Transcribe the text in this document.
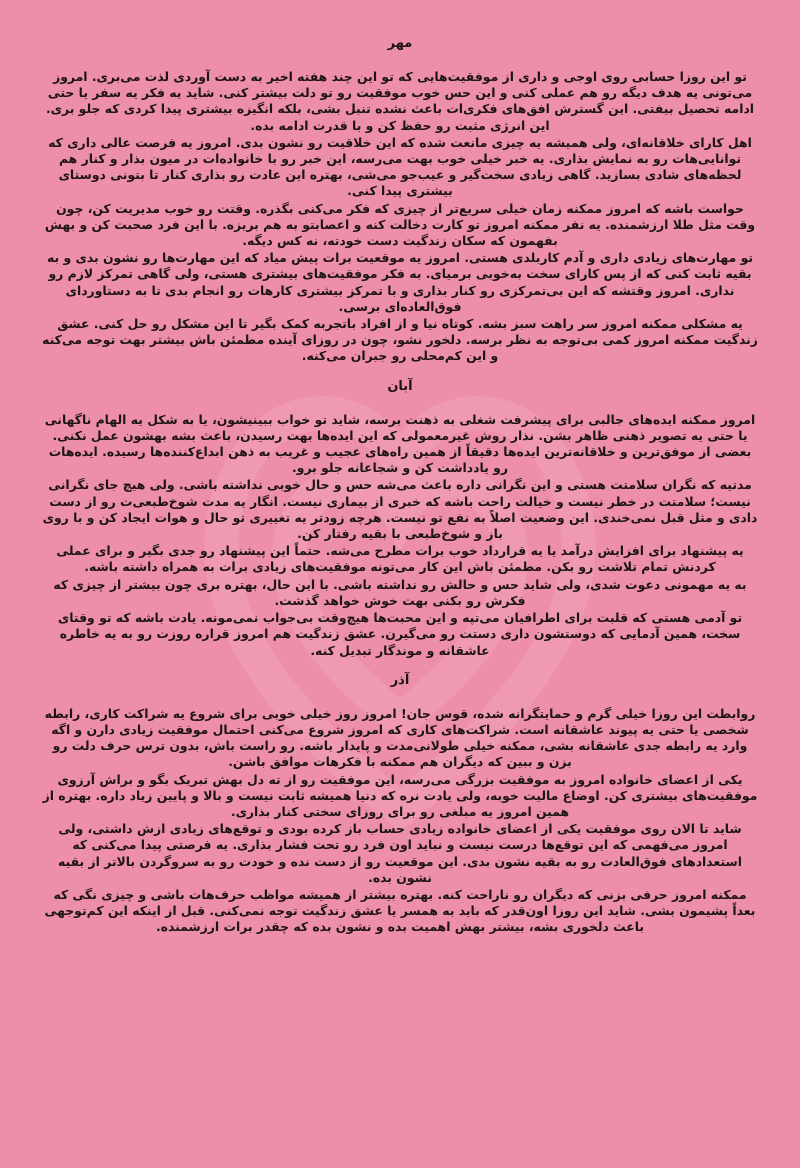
مهر

تو این روزا حسابی روی اوجی و داری از موفقیت‌هایی که تو این چند هفته اخیر به دست آوردی لذت می‌بری. امروز می‌تونی یه هدف دیگه رو هم عملی کنی و این حس خوب موفقیت رو تو دلت بیشتر کنی. شاید یه فکر یه سفر یا حتی ادامه تحصیل بیفتی. این گسترش افق‌های فکری‌ات باعث نشده تنبل بشی، بلکه انگیزه بیشتری پیدا کردی که جلو بری. این انرژی مثبت رو حفظ کن و با قدرت ادامه بده.

اهل کارای خلاقانه‌ای، ولی همیشه یه چیزی مانعت شده که این خلاقیت رو نشون بدی. امروز یه فرصت عالی داری که توانایی‌هات رو به نمایش بذاری. یه خبر خیلی خوب بهت می‌رسه، این خبر رو با خانواده‌ات در میون بذار و کنار هم لحظه‌های شادی بسازید. گاهی زیادی سخت‌گیر و عیب‌جو می‌شی، بهتره این عادت رو بذاری کنار تا بتونی دوستای بیشتری پیدا کنی.

حواست باشه که امروز ممکنه زمان خیلی سریع‌تر از چیزی که فکر می‌کنی بگذره. وقتت رو خوب مدیریت کن، چون وقت مثل طلا ارزشمنده. یه نفر ممکنه امروز تو کارت دخالت کنه و اعصابتو به هم بریزه. با این فرد صحبت کن و بهش بفهمون که سکان زندگیت دست خودته، نه کس دیگه.

تو مهارت‌های زیادی داری و آدم کاربلدی هستی. امروز یه موقعیت برات پیش میاد که این مهارت‌ها رو نشون بدی و به بقیه ثابت کنی که از پس کارای سخت به‌خوبی برمیای. به فکر موفقیت‌های بیشتری هستی، ولی گاهی تمرکز لازم رو نداری. امروز وقتشه که این بی‌تمرکزی رو کنار بذاری و با تمرکز بیشتری کارهات رو انجام بدی تا به دستاوردای فوق‌العاده‌ای برسی.

یه مشکلی ممکنه امروز سر راهت سبز بشه. کوتاه نیا و از افراد باتجربه کمک بگیر تا این مشکل رو حل کنی. عشق زندگیت ممکنه امروز کمی بی‌توجه به نظر برسه. دلخور نشو، چون در روزای آینده مطمئن باش بیشتر بهت توجه می‌کنه و این کم‌محلی رو جبران می‌کنه.

آبان

امروز ممکنه ایده‌های جالبی برای پیشرفت شغلی به ذهنت برسه، شاید تو خواب ببینیشون، یا به شکل یه الهام ناگهانی یا حتی یه تصویر ذهنی ظاهر بشن. نذار روش غیرمعمولی که این ایده‌ها بهت رسیدن، باعث بشه بهشون عمل نکنی. بعضی از موفق‌ترین و خلاقانه‌ترین ایده‌ها دقیقاً از همین راه‌های عجیب و غریب به ذهن ابداع‌کننده‌ها رسیده. ایده‌هات رو یادداشت کن و شجاعانه جلو برو.

مدتیه که نگران سلامتت هستی و این نگرانی داره باعث می‌شه حس و حال خوبی نداشته باشی. ولی هیچ جای نگرانی نیست؛ سلامتت در خطر نیست و خیالت راحت باشه که خبری از بیماری نیست. انگار یه مدت شوخ‌طبعی‌ت رو از دست دادی و مثل قبل نمی‌خندی. این وضعیت اصلاً به نفع تو نیست. هرچه زودتر یه تغییری تو حال و هوات ایجاد کن و با روی باز و شوخ‌طبعی با بقیه رفتار کن.

یه پیشنهاد برای افزایش درآمد یا یه قرارداد خوب برات مطرح می‌شه. حتماً این پیشنهاد رو جدی بگیر و برای عملی کردنش تمام تلاشت رو بکن. مطمئن باش این کار می‌تونه موفقیت‌های زیادی برات به همراه داشته باشه.

به یه مهمونی دعوت شدی، ولی شاید حس و حالش رو نداشته باشی. با این حال، بهتره بری چون بیشتر از چیزی که فکرش رو بکنی بهت خوش خواهد گذشت.

تو آدمی هستی که قلبت برای اطرافیان می‌تپه و این محبت‌ها هیچ‌وقت بی‌جواب نمی‌مونه. یادت باشه که تو وقتای سخت، همین آدمایی که دوستشون داری دستت رو می‌گیرن. عشق زندگیت هم امروز قراره روزت رو به یه خاطره عاشقانه و موندگار تبدیل کنه.

آذر

روابطت این روزا خیلی گرم و حمایتگرانه شده، قوس جان! امروز روز خیلی خوبی برای شروع یه شراکت کاری، رابطه شخصی یا حتی یه پیوند عاشقانه است. شراکت‌های کاری که امروز شروع می‌کنی احتمال موفقیت زیادی دارن و اگه وارد یه رابطه جدی عاشقانه بشی، ممکنه خیلی طولانی‌مدت و پایدار باشه. رو راست باش، بدون ترس حرف دلت رو بزن و ببین که دیگران هم ممکنه با فکرهات موافق باشن.

یکی از اعضای خانواده امروز به موفقیت بزرگی می‌رسه، این موفقیت رو از ته دل بهش تبریک بگو و براش آرزوی موفقیت‌های بیشتری کن. اوضاع مالیت خوبه، ولی یادت نره که دنیا همیشه ثابت نیست و بالا و پایین زیاد داره. بهتره از همین امروز یه مبلغی رو برای روزای سختی کنار بذاری.

شاید تا الان روی موفقیت یکی از اعضای خانواده زیادی حساب باز کرده بودی و توقع‌های زیادی ازش داشتی، ولی امروز می‌فهمی که این توقع‌ها درست نیست و نباید اون فرد رو تحت فشار بذاری. یه فرصتی پیدا می‌کنی که استعدادهای فوق‌العادت رو به بقیه نشون بدی. این موقعیت رو از دست نده و خودت رو به سروگردن بالاتر از بقیه نشون بده.

ممکنه امروز حرفی بزنی که دیگران رو ناراحت کنه. بهتره بیشتر از همیشه مواظب حرف‌هات باشی و چیزی نگی که بعداً پشیمون بشی. شاید این روزا اون‌قدر که باید به همسر یا عشق زندگیت توجه نمی‌کنی. قبل از اینکه این کم‌توجهی باعث دلخوری بشه، بیشتر بهش اهمیت بده و نشون بده که چقدر برات ارزشمنده.
